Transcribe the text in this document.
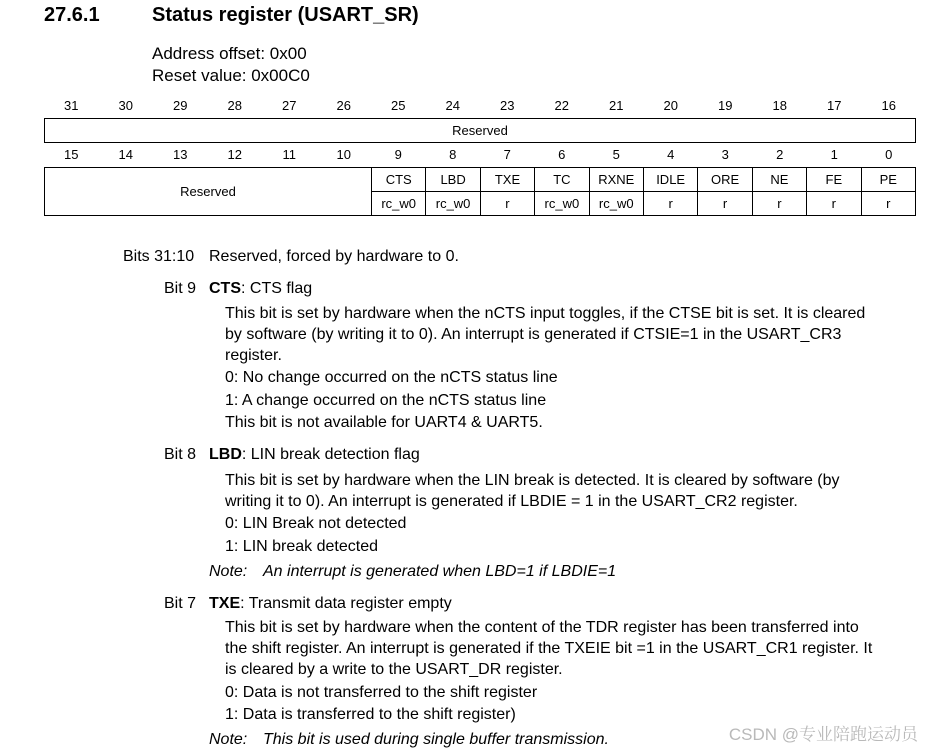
27.6.1	Status register (USART_SR)
Address offset: 0x00
Reset value: 0x00C0
31	30	29	28	27	26	25	24	23	22	21	20	19	18	17	16
Reserved
15	14	13	12	11	10	9	8	7	6	5	4	3	2	1	0
Reserved	CTS	LBD	TXE	TC	RXNE	IDLE	ORE	NE	FE	PE
	rc_w0	rc_w0	r	rc_w0	rc_w0	r	r	r	r	r
Bits 31:10 Reserved, forced by hardware to 0.
Bit 9 CTS: CTS flag
This bit is set by hardware when the nCTS input toggles, if the CTSE bit is set. It is cleared
by software (by writing it to 0). An interrupt is generated if CTSIE=1 in the USART_CR3
register.
0: No change occurred on the nCTS status line
1: A change occurred on the nCTS status line
This bit is not available for UART4 & UART5.
Bit 8 LBD: LIN break detection flag
This bit is set by hardware when the LIN break is detected. It is cleared by software (by
writing it to 0). An interrupt is generated if LBDIE = 1 in the USART_CR2 register.
0: LIN Break not detected
1: LIN break detected
Note: An interrupt is generated when LBD=1 if LBDIE=1
Bit 7 TXE: Transmit data register empty
This bit is set by hardware when the content of the TDR register has been transferred into
the shift register. An interrupt is generated if the TXEIE bit =1 in the USART_CR1 register. It
is cleared by a write to the USART_DR register.
0: Data is not transferred to the shift register
1: Data is transferred to the shift register)
Note: This bit is used during single buffer transmission.	CSDN @专业陪跑运动员
